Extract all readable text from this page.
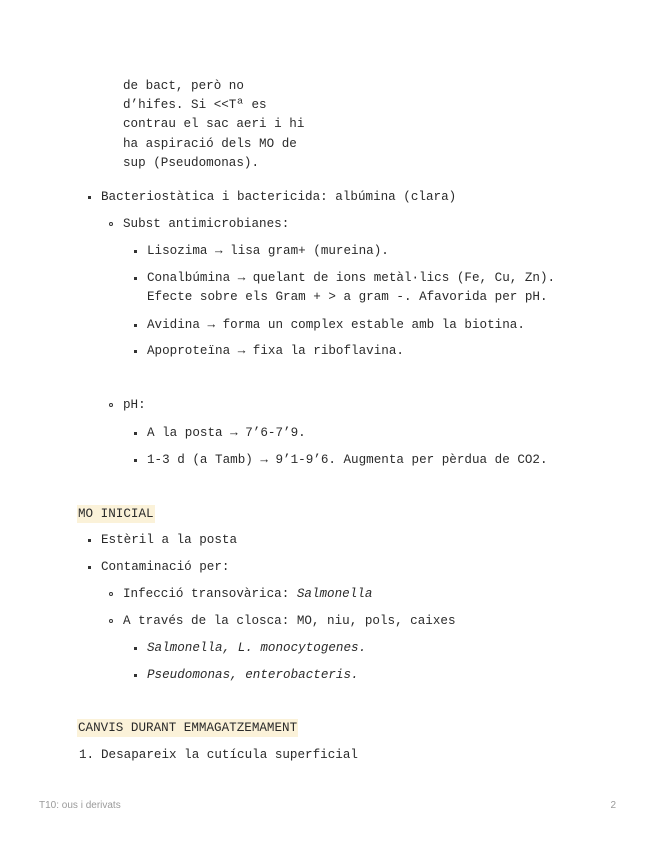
de bact, però no
d’hifes. Si <<Tª es
contrau el sac aeri i hi
ha aspiració dels MO de
sup (Pseudomonas).
Bacteriostàtica i bactericida: albúmina (clara)
Subst antimicrobianes:
Lisozima → lisa gram+ (mureina).
Conalbúmina → quelant de ions metàl·lics (Fe, Cu, Zn).
Efecte sobre els Gram + > a gram -. Afavorida per pH.
Avidina → forma un complex estable amb la biotina.
Apoproteïna → fixa la riboflavina.
pH:
A la posta → 7’6-7’9.
1-3 d (a Tamb) → 9’1-9’6. Augmenta per pèrdua de CO2.
MO INICIAL
Estèril a la posta
Contaminació per:
Infecció transovàrica: Salmonella
A través de la closca: MO, niu, pols, caixes
Salmonella, L. monocytogenes.
Pseudomonas, enterobacteris.
CANVIS DURANT EMMAGATZEMAMENT
1. Desapareix la cutícula superficial
T10: ous i derivats	2
